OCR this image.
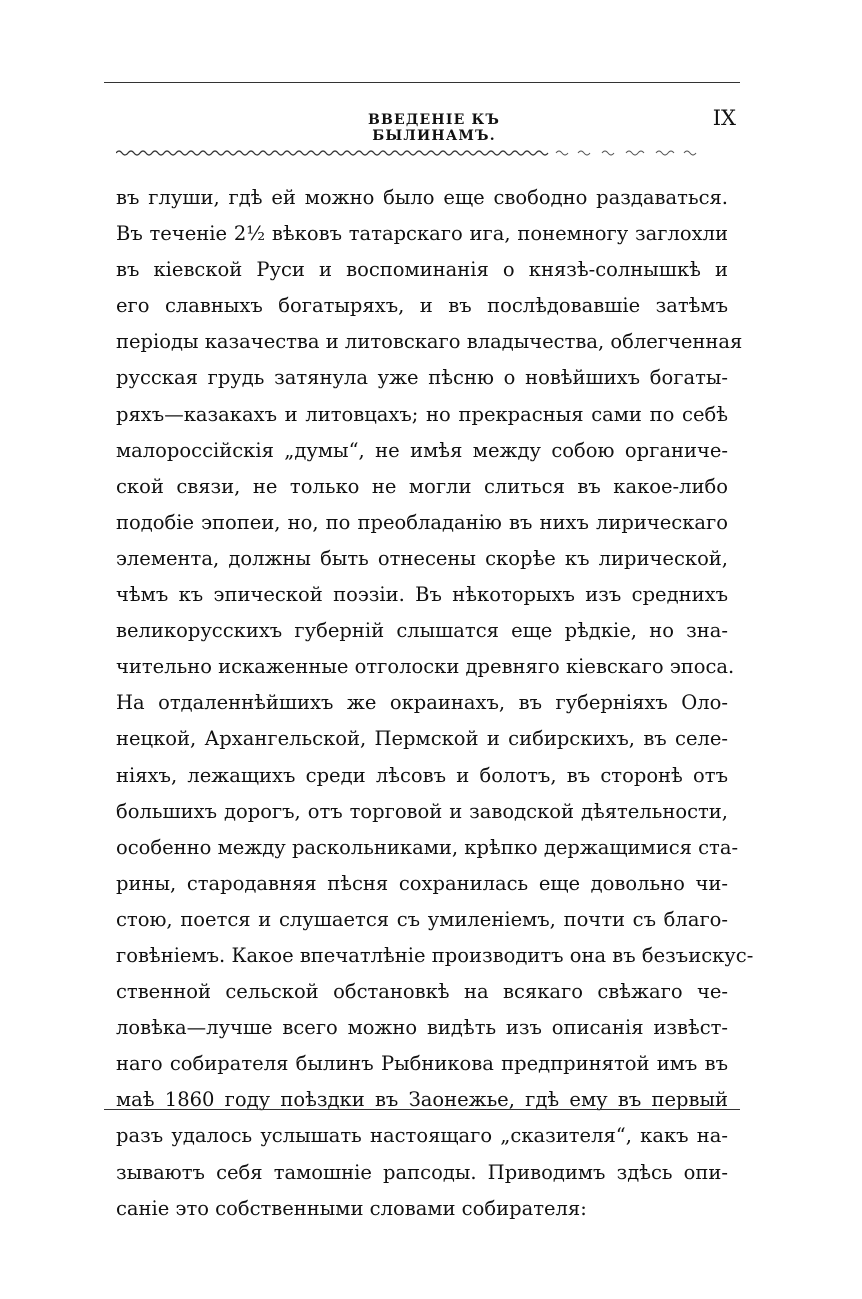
ВВЕДЕНІЕ КЪ БЫЛИНАМЪ.
IX
въ глуши, гдѣ ей можно было еще свободно раздаваться.
Въ теченіе 2½ вѣковъ татарскаго ига, понемногу заглохли
въ кіевской Руси и воспоминанія о князѣ-солнышкѣ и
его славныхъ богатыряхъ, и въ послѣдовавшіе затѣмъ
періоды казачества и литовскаго владычества, облегченная
русская грудь затянула уже пѣсню о новѣйшихъ богаты-
ряхъ—казакахъ и литовцахъ; но прекрасныя сами по себѣ
малороссійскія „думы“, не имѣя между собою органиче-
ской связи, не только не могли слиться въ какое-либо
подобіе эпопеи, но, по преобладанію въ нихъ лирическаго
элемента, должны быть отнесены скорѣе къ лирической,
чѣмъ къ эпической поэзіи. Въ нѣкоторыхъ изъ среднихъ
великорусскихъ губерній слышатся еще рѣдкіе, но зна-
чительно искаженные отголоски древняго кіевскаго эпоса.
На отдаленнѣйшихъ же окраинахъ, въ губерніяхъ Оло-
нецкой, Архангельской, Пермской и сибирскихъ, въ селе-
ніяхъ, лежащихъ среди лѣсовъ и болотъ, въ сторонѣ отъ
большихъ дорогъ, отъ торговой и заводской дѣятельности,
особенно между раскольниками, крѣпко держащимися ста-
рины, стародавняя пѣсня сохранилась еще довольно чи-
стою, поется и слушается съ умиленіемъ, почти съ благо-
говѣніемъ. Какое впечатлѣніе производитъ она въ безъискус-
ственной сельской обстановкѣ на всякаго свѣжаго че-
ловѣка—лучше всего можно видѣть изъ описанія извѣст-
наго собирателя былинъ Рыбникова предпринятой имъ въ
маѣ 1860 году поѣздки въ Заонежье, гдѣ ему въ первый
разъ удалось услышать настоящаго „сказителя“, какъ на-
зываютъ себя тамошніе рапсоды. Приводимъ здѣсь опи-
саніе это собственными словами собирателя:
